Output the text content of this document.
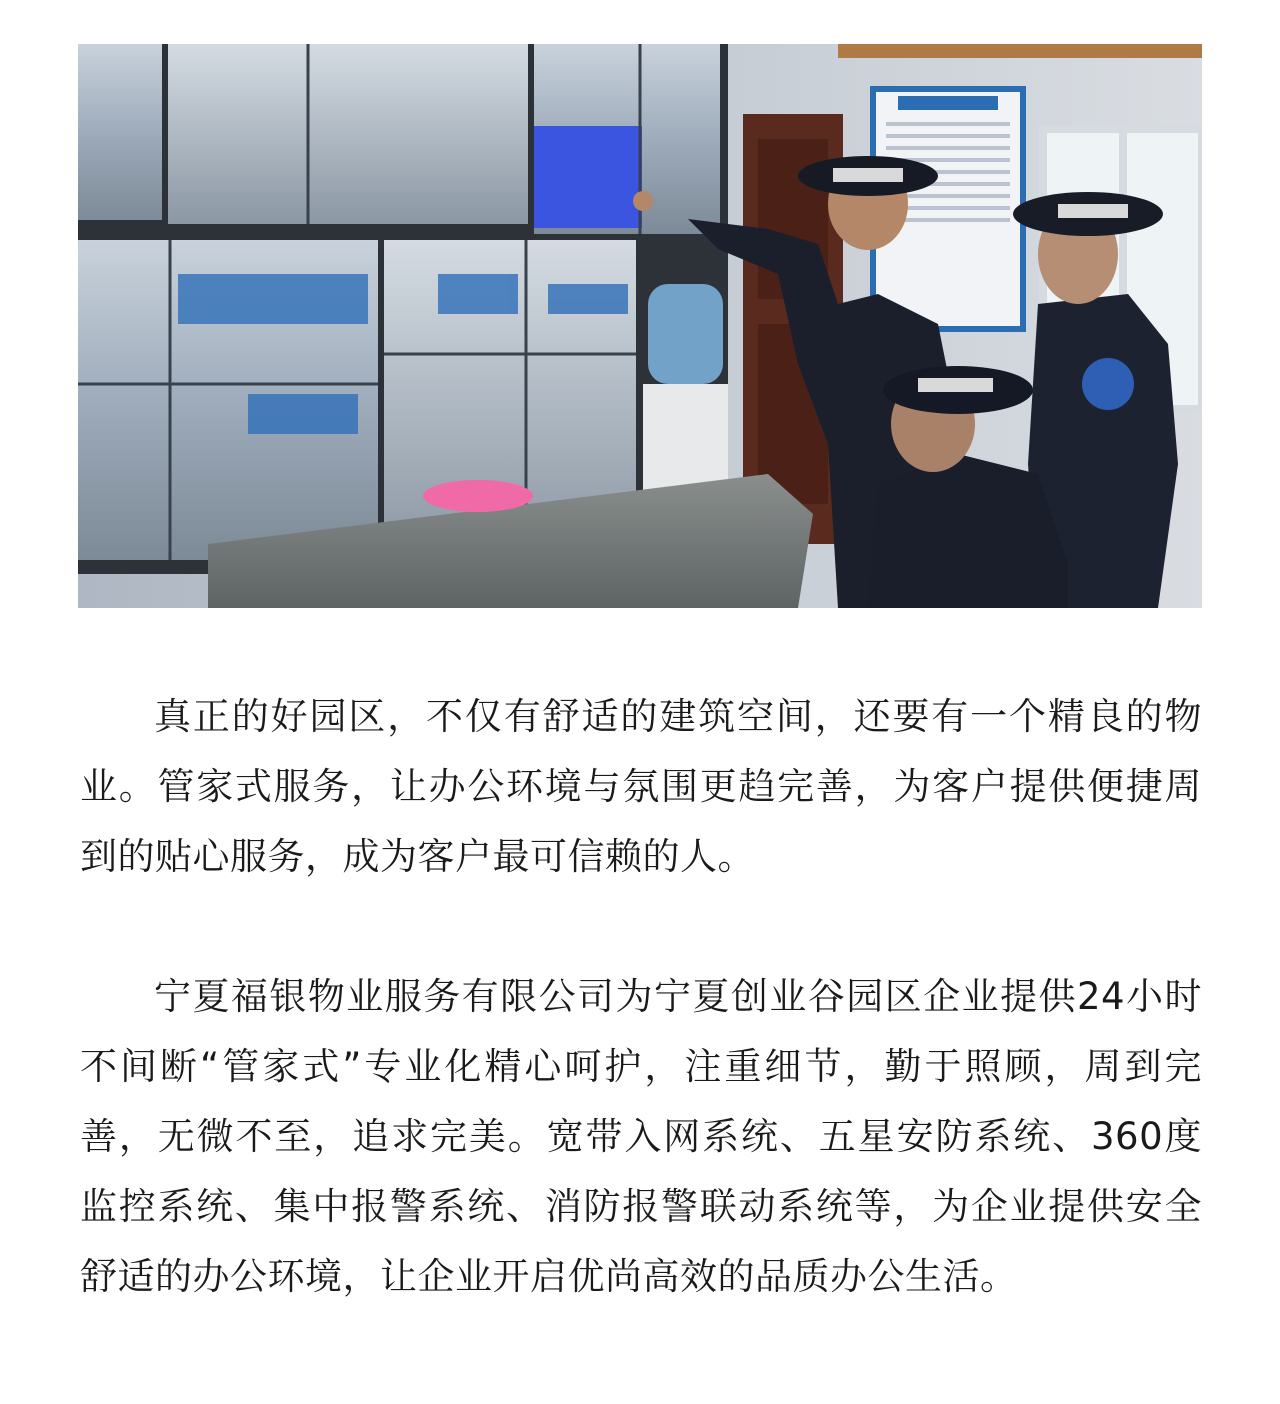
真正的好园区，不仅有舒适的建筑空间，还要有一个精良的物业。管家式服务，让办公环境与氛围更趋完善，为客户提供便捷周到的贴心服务，成为客户最可信赖的人。

宁夏福银物业服务有限公司为宁夏创业谷园区企业提供24小时不间断“管家式”专业化精心呵护，注重细节，勤于照顾，周到完善，无微不至，追求完美。宽带入网系统、五星安防系统、360度监控系统、集中报警系统、消防报警联动系统等，为企业提供安全舒适的办公环境，让企业开启优尚高效的品质办公生活。
